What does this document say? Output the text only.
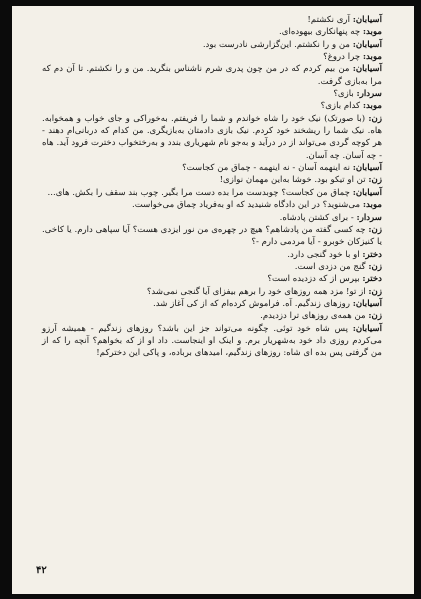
آسیابان: آری نکشتم!

موبد: چه پنهانکاری بیهوده‌ای.

آسیابان: من و را نکشتم. این‌گزارشی نادرست بود.

موبد: چرا دروغ؟

آسیابان: من بیم کردم که در من چون پدری شرم ناشناس بنگرید. من و را نکشتم. تا آن دم که مرا به‌بازی گرفت.

سردار: بازی؟

موبد: کدام بازی؟

زن: (با صورتک) نیک خود را شاه خواندم و شما را فریفتم. به‌خوراکی و جای خواب و همخوابه. هاه. نیک شما را ریشخند خود کردم. نیک بازی دادمتان به‌بازیگری. من کدام که دربانی‌ام دهند - هر کوچه گردی می‌تواند از در درآید و به‌جو نام شهریاری بندد و به‌رختخواب دخترت فرود آید. هاه - چه آسان. چه آسان.

آسیابان: نه اینهمه آسان - نه اینهمه - چماق من کجاست؟

زن: تن او تیکو بود. خوشا به‌این مهمان نوازی!

آسیابان: چماق من کجاست؟ چوبدست مرا بده دست مرا بگیر. چوب بند سقف را بکش. های...

موبد: می‌شنوید؟ در این دادگاه شنیدید که او به‌فریاد چماق می‌خواست.

سردار: - برای کشتن پادشاه.

زن: چه کسی گفته من پادشاهم؟ هیچ در چهره‌ی من نور ایزدی هست؟ آیا سپاهی دارم. یا کاخی. یا کنیزکان خوبرو - آیا مردمی دارم -؟

دختر: او با خود گنجی دارد.

زن: گنج من دزدی است.

دختر: بپرس از که دزدیده است؟

زن: از تو! مزد همه روزهای خود را برهم بیفزای آیا گنجی نمی‌شد؟

آسیابان: روزهای زندگیم. آه. فراموش کرده‌ام که از کی آغاز شد.

زن: من همه‌ی روزهای ترا دزدیدم.

آسیابان: پس شاه خود توئی. چگونه می‌تواند جز این باشد؟ روزهای زندگیم - همیشه آرزو می‌کردم روزی داد خود به‌شهریار برم. و اینک او اینجاست. داد او از که بخواهم؟ آنچه را که از من گرفتی پس بده ای شاه: روزهای زندگیم، امیدهای برباده، و پاکی این دخترکم!

۴۲
